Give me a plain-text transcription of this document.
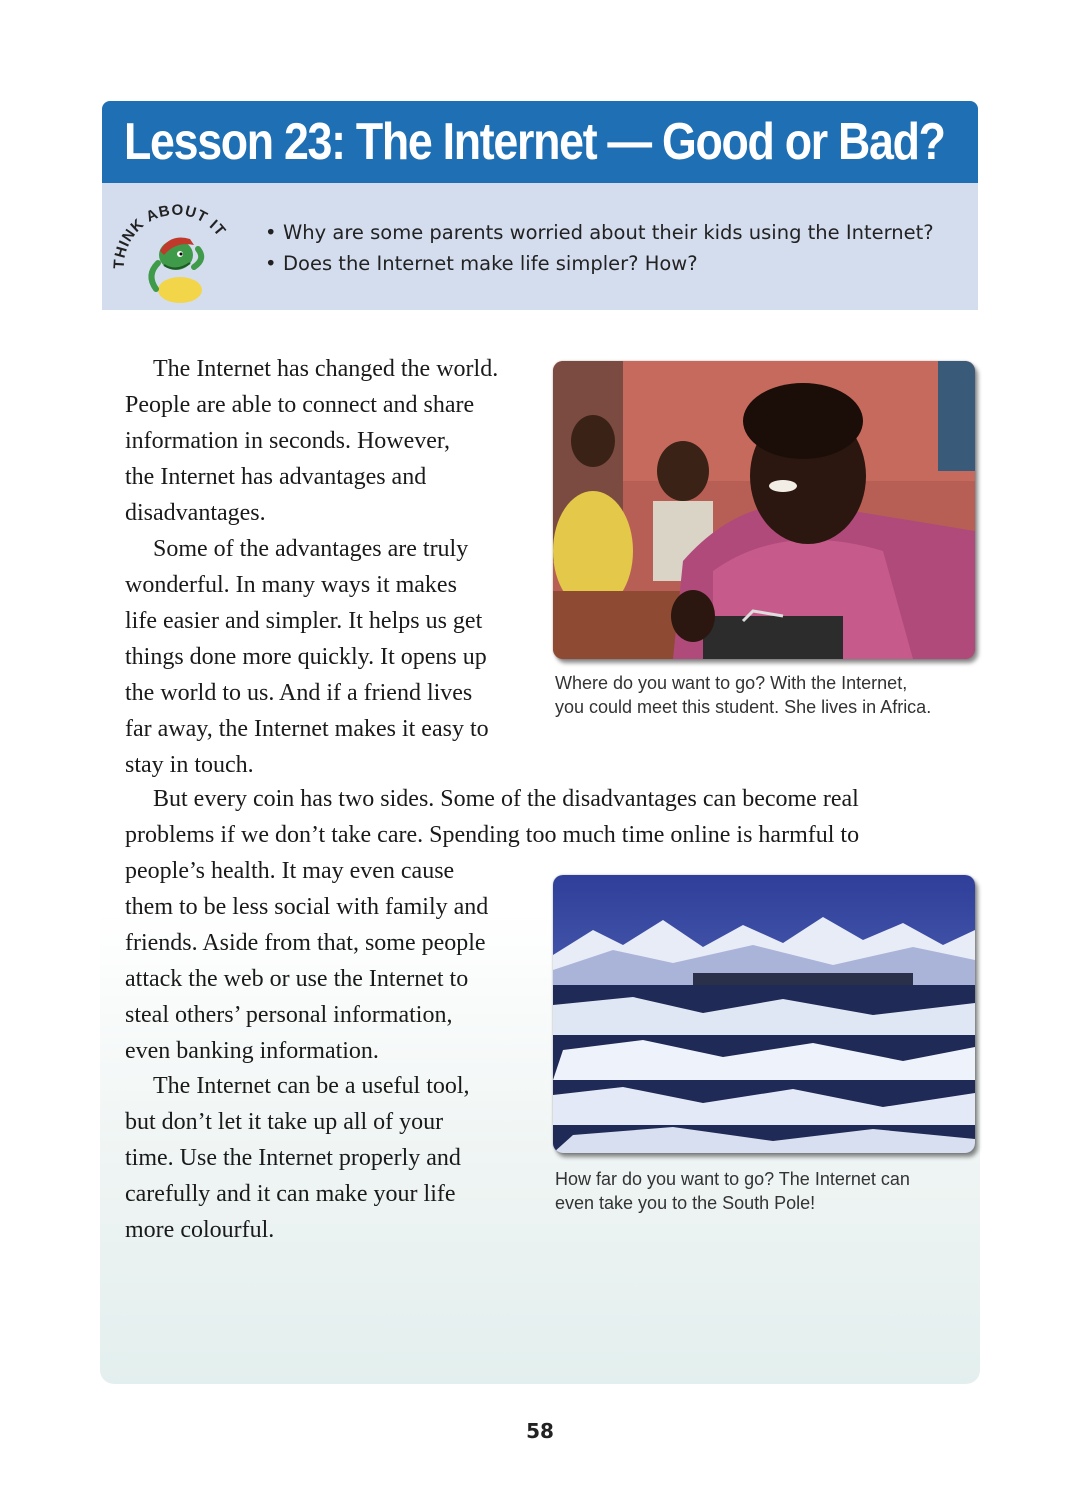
Lesson 23: The Internet — Good or Bad?
THINK ABOUT IT • Why are some parents worried about their kids using the Internet?
• Does the Internet make life simpler? How?

The Internet has changed the world.
People are able to connect and share
information in seconds. However,
the Internet has advantages and
disadvantages.

Some of the advantages are truly
wonderful. In many ways it makes
life easier and simpler. It helps us get
things done more quickly. It opens up
the world to us. And if a friend lives
far away, the Internet makes it easy to
stay in touch.

But every coin has two sides. Some of the disadvantages can become real
problems if we don’t take care. Spending too much time online is harmful to
people’s health. It may even cause
them to be less social with family and
friends. Aside from that, some people
attack the web or use the Internet to
steal others’ personal information,
even banking information.

The Internet can be a useful tool,
but don’t let it take up all of your
time. Use the Internet properly and
carefully and it can make your life
more colourful.

Where do you want to go? With the Internet,
you could meet this student. She lives in Africa.

How far do you want to go? The Internet can
even take you to the South Pole!

58
